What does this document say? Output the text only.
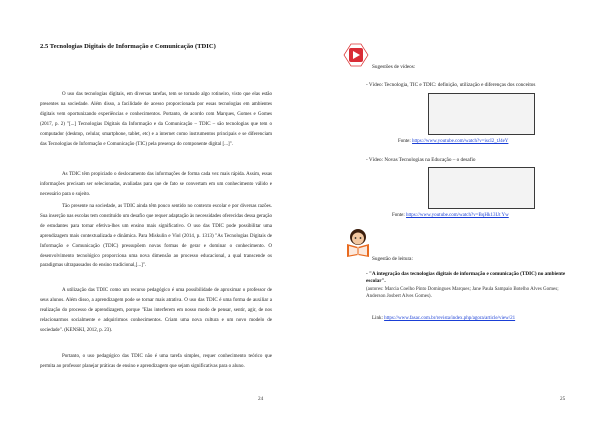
2.5 Tecnologias Digitais de Informação e Comunicação (TDIC)

O uso das tecnologias digitais, em diversas tarefas, tem se tornado algo rotineiro, visto que elas estão presentes na sociedade. Além disso, a facilidade de acesso proporcionada por essas tecnologias em ambientes digitais vem oportunizando experiências e conhecimentos. Portanto, de acordo com Marques, Gomes e Gomes (2017, p. 2) "[...] Tecnologias Digitais da Informação e da Comunicação – TDIC – são tecnologias que tem o computador (desktop, celular, smartphone, tablet, etc) e a internet como instrumentos principais e se diferenciam das Tecnologias de Informação e Comunicação (TIC) pela presença do componente digital [...]".

As TDIC têm propiciado o deslocamento das informações de forma cada vez mais rápida. Assim, essas informações precisam ser selecionadas, avaliadas para que de fato se convertam em um conhecimento válido e necessário para o sujeito.

Tão presente na sociedade, as TDIC ainda têm pouco sentido no contexto escolar e por diversas razões. Sua inserção nas escolas tem constituído um desafio que requer adaptação às necessidades oferecidas dessa geração de estudantes para tornar efetiva-lhes um ensino mais significativo. O uso das TDIC pode possibilitar uma aprendizagem mais contextualizada e dinâmica. Para Miskulin e Viol (2014, p. 1313) "As Tecnologias Digitais de Informação e Comunicação (TDIC) pressupõem novas formas de gerar e dominar o conhecimento. O desenvolvimento tecnológico proporciona uma nova dimensão ao processo educacional, a qual transcende os paradigmas ultrapassados do ensino tradicional,[...]".

A utilização das TDIC como um recurso pedagógico é uma possibilidade de aproximar o professor de seus alunos. Além disso, a aprendizagem pode se tornar mais atrativa. O uso das TDIC é uma forma de auxiliar a realização do processo de aprendizagem, porque "Elas interferem em nosso modo de pensar, sentir, agir, de nos relacionarmos socialmente e adquirirmos conhecimentos. Criam uma nova cultura e um novo modelo de sociedade". (KENSKI, 2012, p. 23).

Portanto, o uso pedagógico das TDIC não é uma tarefa simples, requer conhecimento teórico que permita ao professor planejar práticas de ensino e aprendizagem que sejam significativas para o aluno.

24
Sugestões de vídeos:
- Vídeo: Tecnologia, TIC e TDIC: definição, utilização e diferenças dos conceitos
Fonte: https://www.youtube.com/watch?v=iscI2_tJ4eY
- Vídeo: Novas Tecnologias na Educação – o desafio
Fonte: https://www.youtube.com/watch?v=BqHk13Ut Yw
Sugestão de leitura:
- "A integração das tecnologias digitais de informação e comunicação (TDIC) no ambiente escolar".
(autores: Marcia Coelho Pinto Domingues Marques; Jane Paula Sampaio Botelho Alves Gomes; Anderson Josbert Alves Gomes).
Link: https://www.fasac.com.br/revista/index.php/agora/article/view/21
25
